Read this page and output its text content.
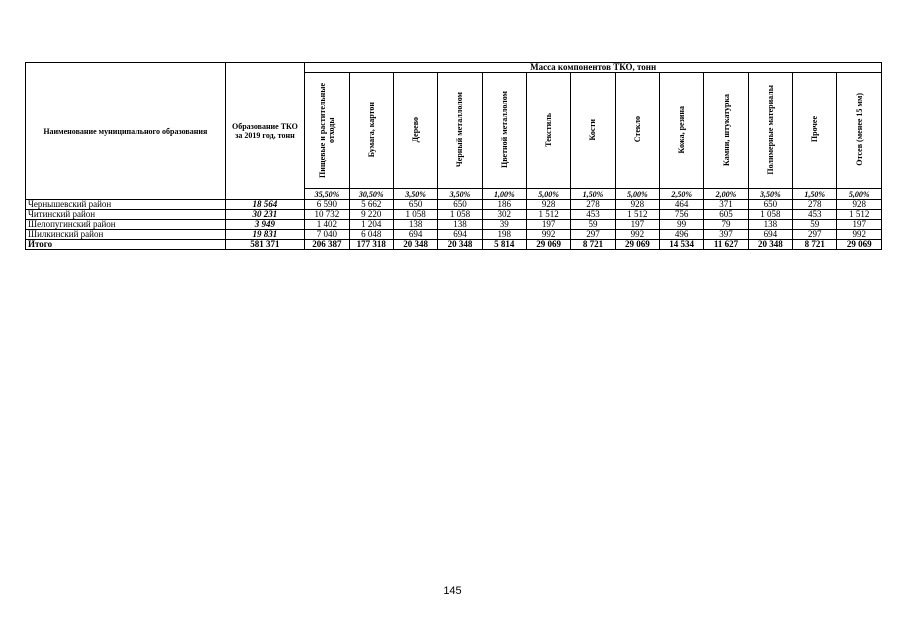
Наименование муниципального образования	Образование ТКО за 2019 год, тонн	Масса компонентов ТКО, тонн												
		Пищевые и растительные отходы	Бумага, картон	Дерево	Черный металлолом	Цветной металлолом	Текстиль	Кости	Стекло	Кожа, резина	Камни, штукатурка	Полимерные материалы	Прочее	Отсев (менее 15 мм)
		35,50%	30,50%	3,50%	3,50%	1,00%	5,00%	1,50%	5,00%	2,50%	2,00%	3,50%	1,50%	5,00%
Чернышевский район	18 564	6 590	5 662	650	650	186	928	278	928	464	371	650	278	928
Читинский район	30 231	10 732	9 220	1 058	1 058	302	1 512	453	1 512	756	605	1 058	453	1 512
Шелопугинский район	3 949	1 402	1 204	138	138	39	197	59	197	99	79	138	59	197
Шилкинский район	19 831	7 040	6 048	694	694	198	992	297	992	496	397	694	297	992
Итого	581 371	206 387	177 318	20 348	20 348	5 814	29 069	8 721	29 069	14 534	11 627	20 348	8 721	29 069
145
